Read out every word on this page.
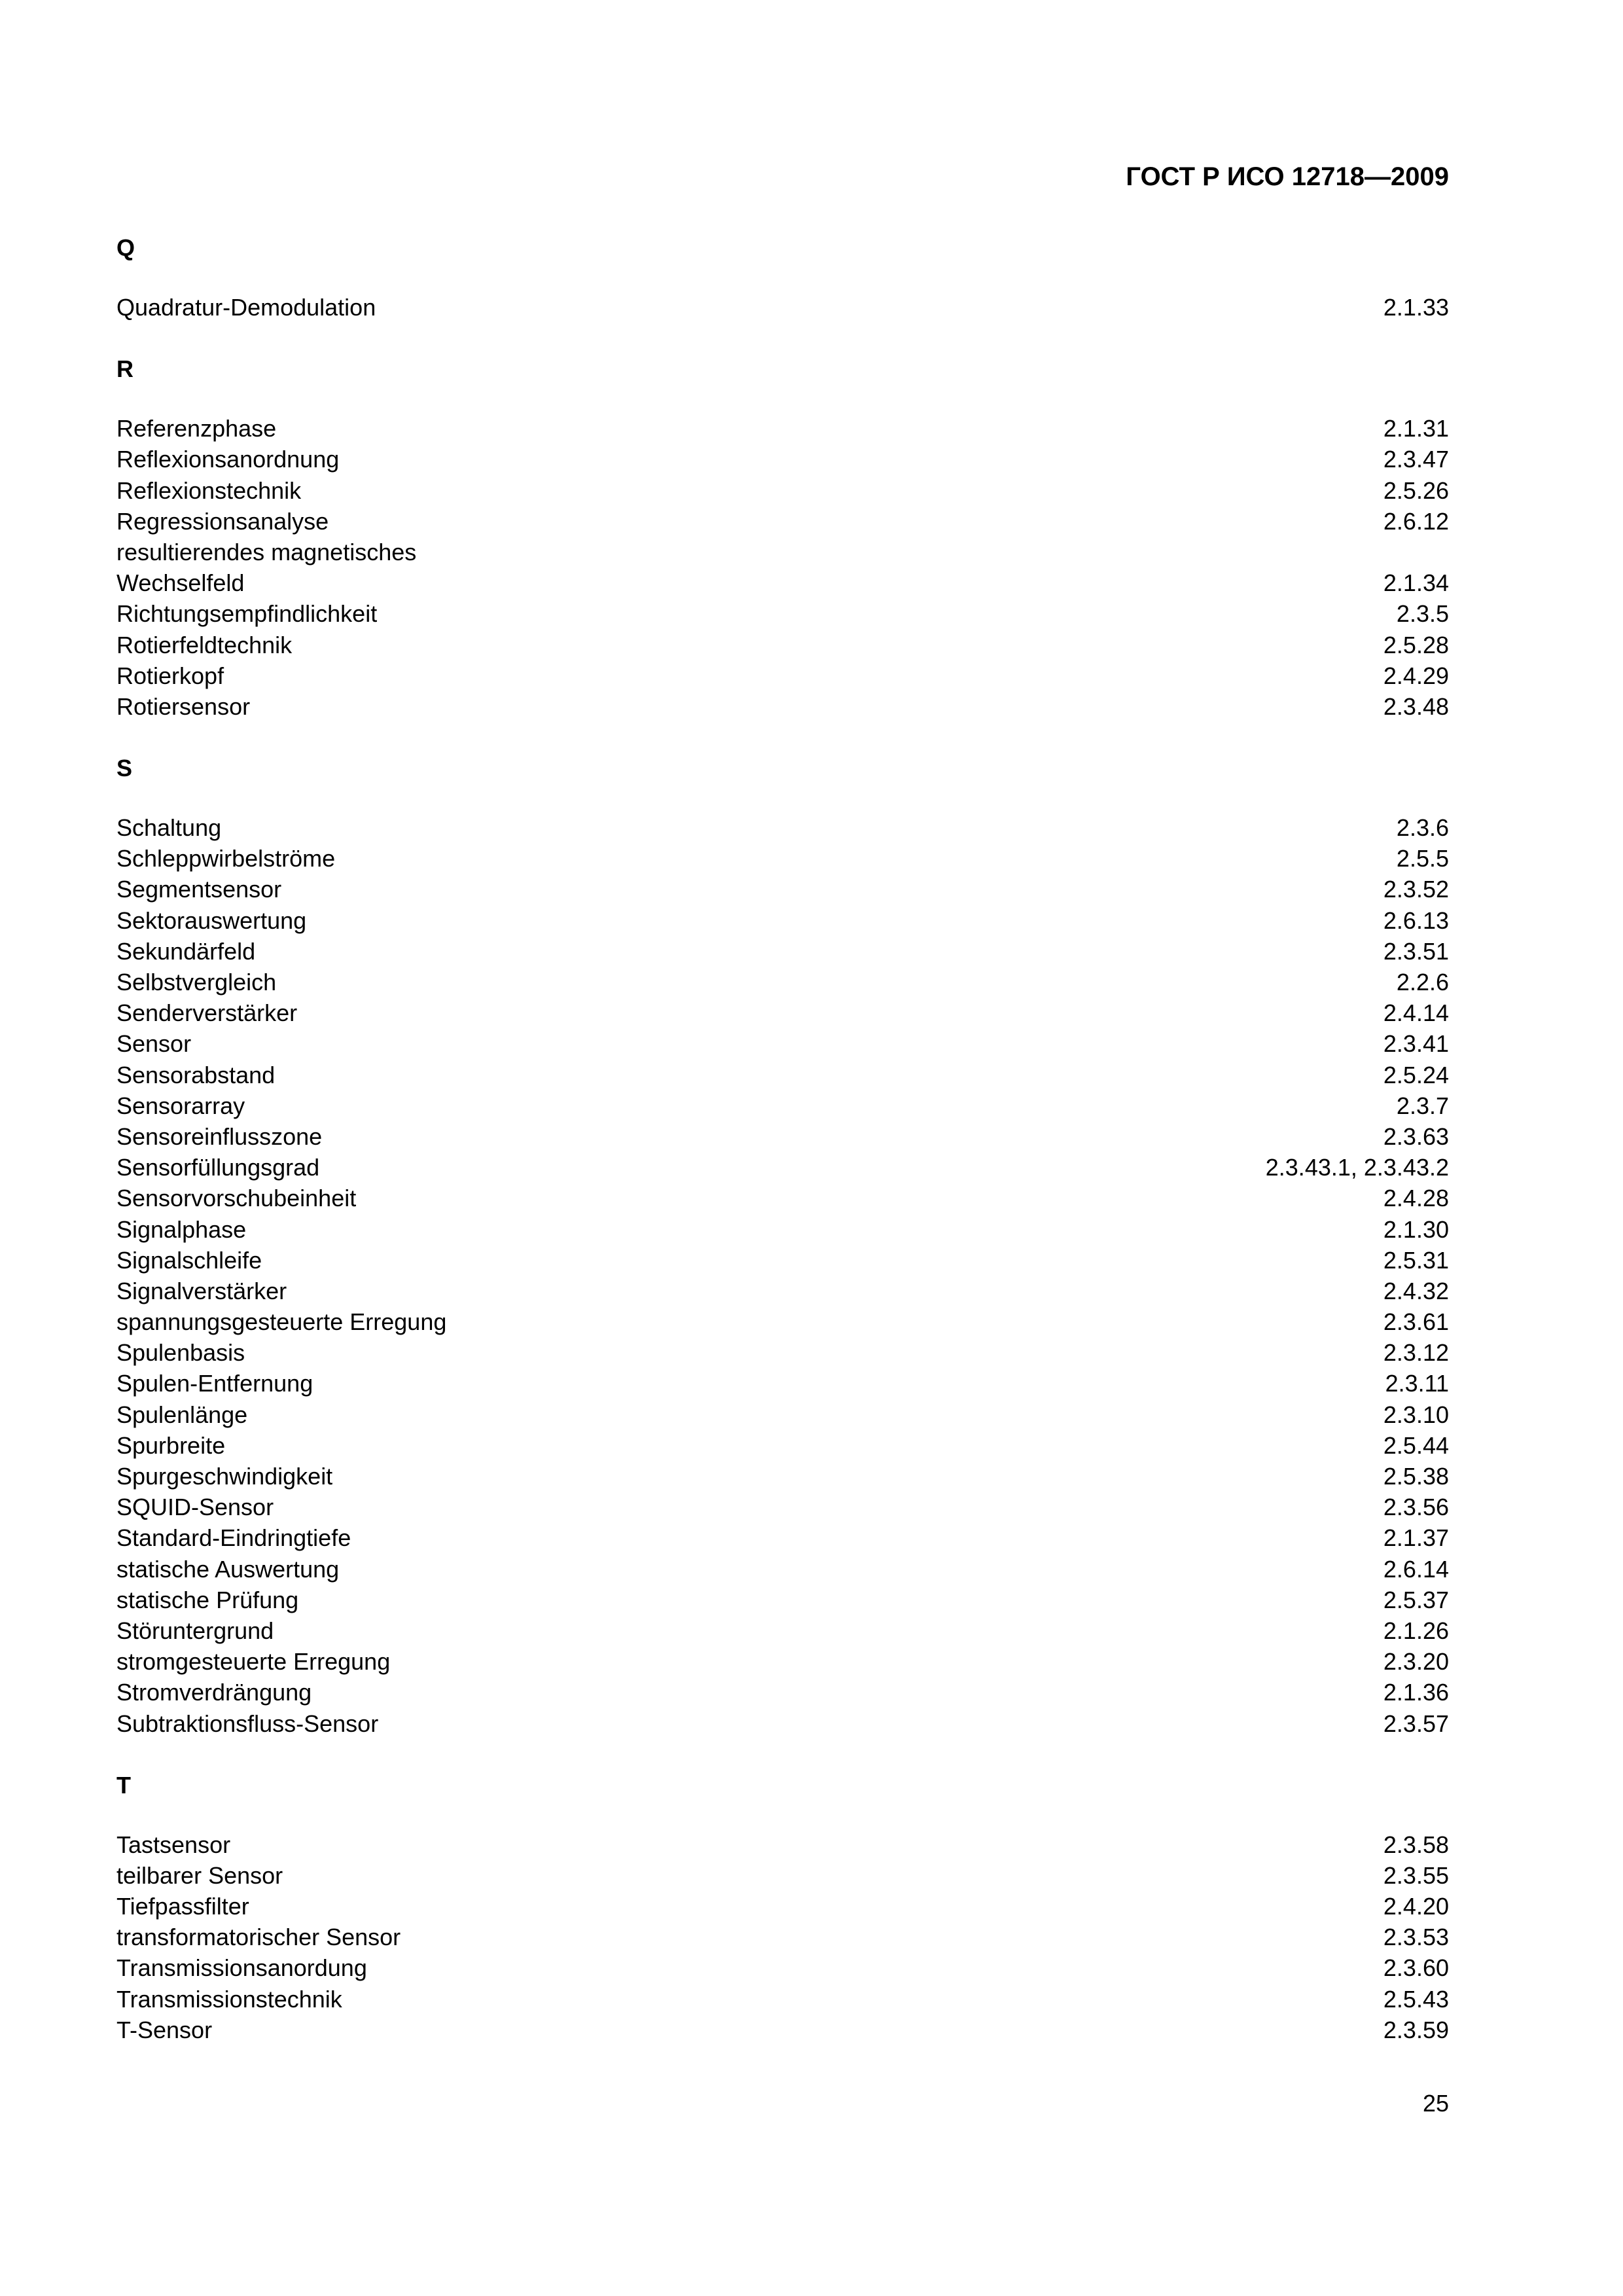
ГОСТ Р ИСО 12718—2009
Q
Quadratur-Demodulation	2.1.33
R
Referenzphase	2.1.31
Reflexionsanordnung	2.3.47
Reflexionstechnik	2.5.26
Regressionsanalyse	2.6.12
resultierendes magnetisches
Wechselfeld	2.1.34
Richtungsempfindlichkeit	2.3.5
Rotierfeldtechnik	2.5.28
Rotierkopf	2.4.29
Rotiersensor	2.3.48
S
Schaltung	2.3.6
Schleppwirbelströme	2.5.5
Segmentsensor	2.3.52
Sektorauswertung	2.6.13
Sekundärfeld	2.3.51
Selbstvergleich	2.2.6
Senderverstärker	2.4.14
Sensor	2.3.41
Sensorabstand	2.5.24
Sensorarray	2.3.7
Sensoreinflusszone	2.3.63
Sensorfüllungsgrad	2.3.43.1, 2.3.43.2
Sensorvorschubeinheit	2.4.28
Signalphase	2.1.30
Signalschleife	2.5.31
Signalverstärker	2.4.32
spannungsgesteuerte Erregung	2.3.61
Spulenbasis	2.3.12
Spulen-Entfernung	2.3.11
Spulenlänge	2.3.10
Spurbreite	2.5.44
Spurgeschwindigkeit	2.5.38
SQUID-Sensor	2.3.56
Standard-Eindringtiefe	2.1.37
statische Auswertung	2.6.14
statische Prüfung	2.5.37
Störuntergrund	2.1.26
stromgesteuerte Erregung	2.3.20
Stromverdrängung	2.1.36
Subtraktionsfluss-Sensor	2.3.57
T
Tastsensor	2.3.58
teilbarer Sensor	2.3.55
Tiefpassfilter	2.4.20
transformatorischer Sensor	2.3.53
Transmissionsanordung	2.3.60
Transmissionstechnik	2.5.43
T-Sensor	2.3.59
25
